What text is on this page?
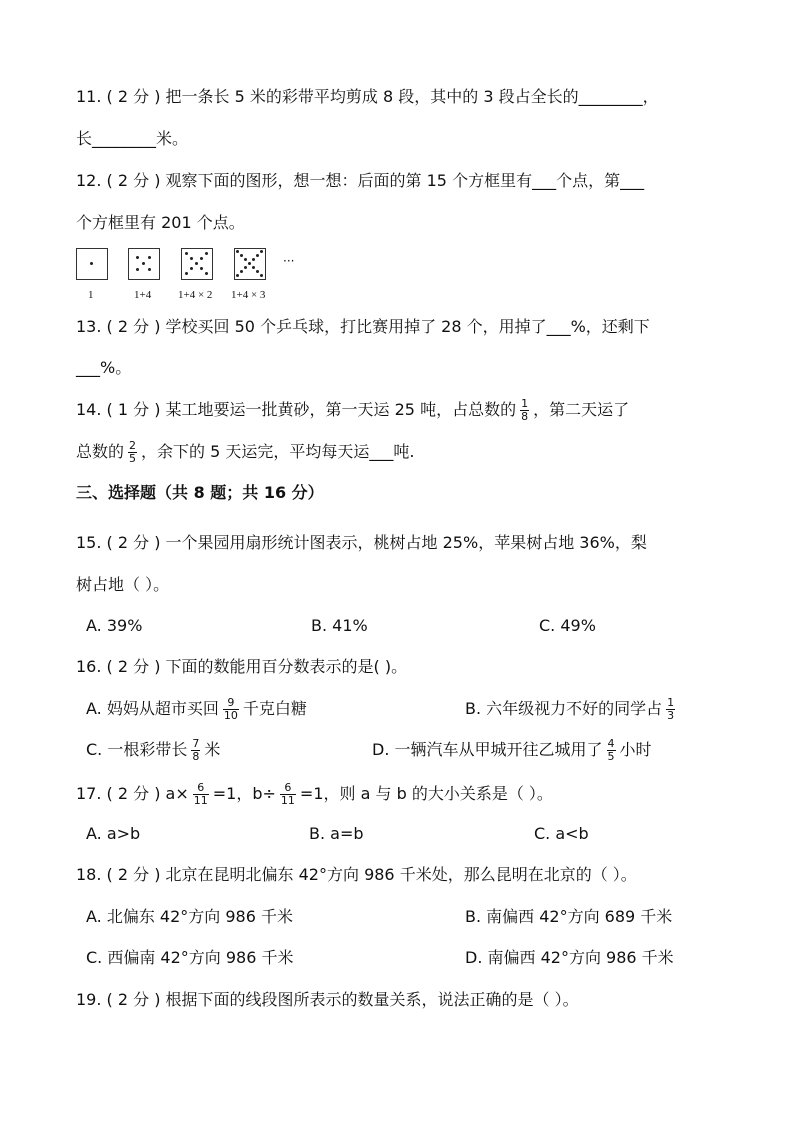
11. ( 2 分 ) 把一条长 5 米的彩带平均剪成 8 段，其中的 3 段占全长的________，
长________米。
12. ( 2 分 ) 观察下面的图形，想一想：后面的第 15 个方框里有___个点，第___
个方框里有 201 个点。
···
1	1+4 1+4 × 2 1+4 × 3
13. ( 2 分 ) 学校买回 50 个乒乓球，打比赛用掉了 28 个，用掉了___%，还剩下
___%。
14. ( 1 分 ) 某工地要运一批黄砂，第一天运 25 吨，占总数的 $\frac{1}{8}$ ，第二天运了
总数的 $\frac{2}{5}$ ，余下的 5 天运完，平均每天运___吨.
三、选择题（共 8 题；共 16 分）
15. ( 2 分 ) 一个果园用扇形统计图表示，桃树占地 25%，苹果树占地 36%，梨
树占地（ ）。
A. 39%	B. 41%	C. 49%
16. ( 2 分 ) 下面的数能用百分数表示的是( )。
A. 妈妈从超市买回 $\frac{9}{10}$ 千克白糖	B. 六年级视力不好的同学占 $\frac{1}{3}$
C. 一根彩带长 $\frac{7}{8}$ 米	D. 一辆汽车从甲城开往乙城用了 $\frac{4}{5}$ 小时
17. ( 2 分 ) $a\times \frac{6}{11} =1$，$b\div \frac{6}{11} =1$，则 a 与 b 的大小关系是（ ）。
A. a>b	B. a=b	C. a<b
18. ( 2 分 ) 北京在昆明北偏东 42°方向 986 千米处，那么昆明在北京的（ ）。
A. 北偏东 42°方向 986 千米	B. 南偏西 42°方向 689 千米
C. 西偏南 42°方向 986 千米	D. 南偏西 42°方向 986 千米
19. ( 2 分 ) 根据下面的线段图所表示的数量关系，说法正确的是（ ）。
